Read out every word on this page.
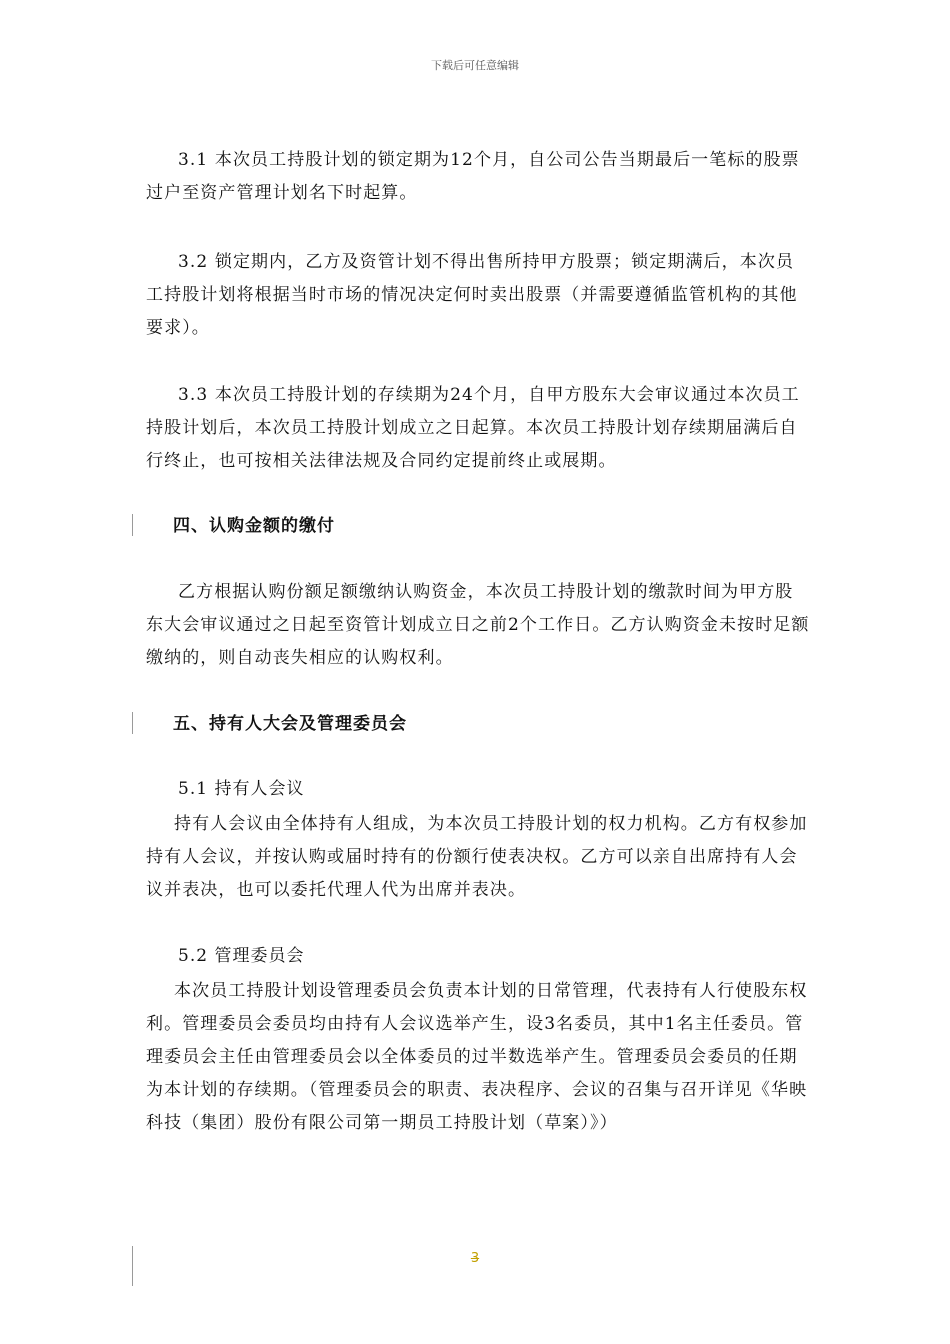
下载后可任意编辑

3.1 本次员工持股计划的锁定期为12个月，自公司公告当期最后一笔标的股票过户至资产管理计划名下时起算。

3.2 锁定期内，乙方及资管计划不得出售所持甲方股票；锁定期满后，本次员工持股计划将根据当时市场的情况决定何时卖出股票（并需要遵循监管机构的其他要求）。

3.3 本次员工持股计划的存续期为24个月，自甲方股东大会审议通过本次员工持股计划后，本次员工持股计划成立之日起算。本次员工持股计划存续期届满后自行终止，也可按相关法律法规及合同约定提前终止或展期。

四、认购金额的缴付

乙方根据认购份额足额缴纳认购资金，本次员工持股计划的缴款时间为甲方股东大会审议通过之日起至资管计划成立日之前2个工作日。乙方认购资金未按时足额缴纳的，则自动丧失相应的认购权利。

五、持有人大会及管理委员会

5.1 持有人会议

持有人会议由全体持有人组成，为本次员工持股计划的权力机构。乙方有权参加持有人会议，并按认购或届时持有的份额行使表决权。乙方可以亲自出席持有人会议并表决，也可以委托代理人代为出席并表决。

5.2 管理委员会

本次员工持股计划设管理委员会负责本计划的日常管理，代表持有人行使股东权利。管理委员会委员均由持有人会议选举产生，设3名委员，其中1名主任委员。管理委员会主任由管理委员会以全体委员的过半数选举产生。管理委员会委员的任期为本计划的存续期。（管理委员会的职责、表决程序、会议的召集与召开详见《华映科技（集团）股份有限公司第一期员工持股计划（草案）》）

3
